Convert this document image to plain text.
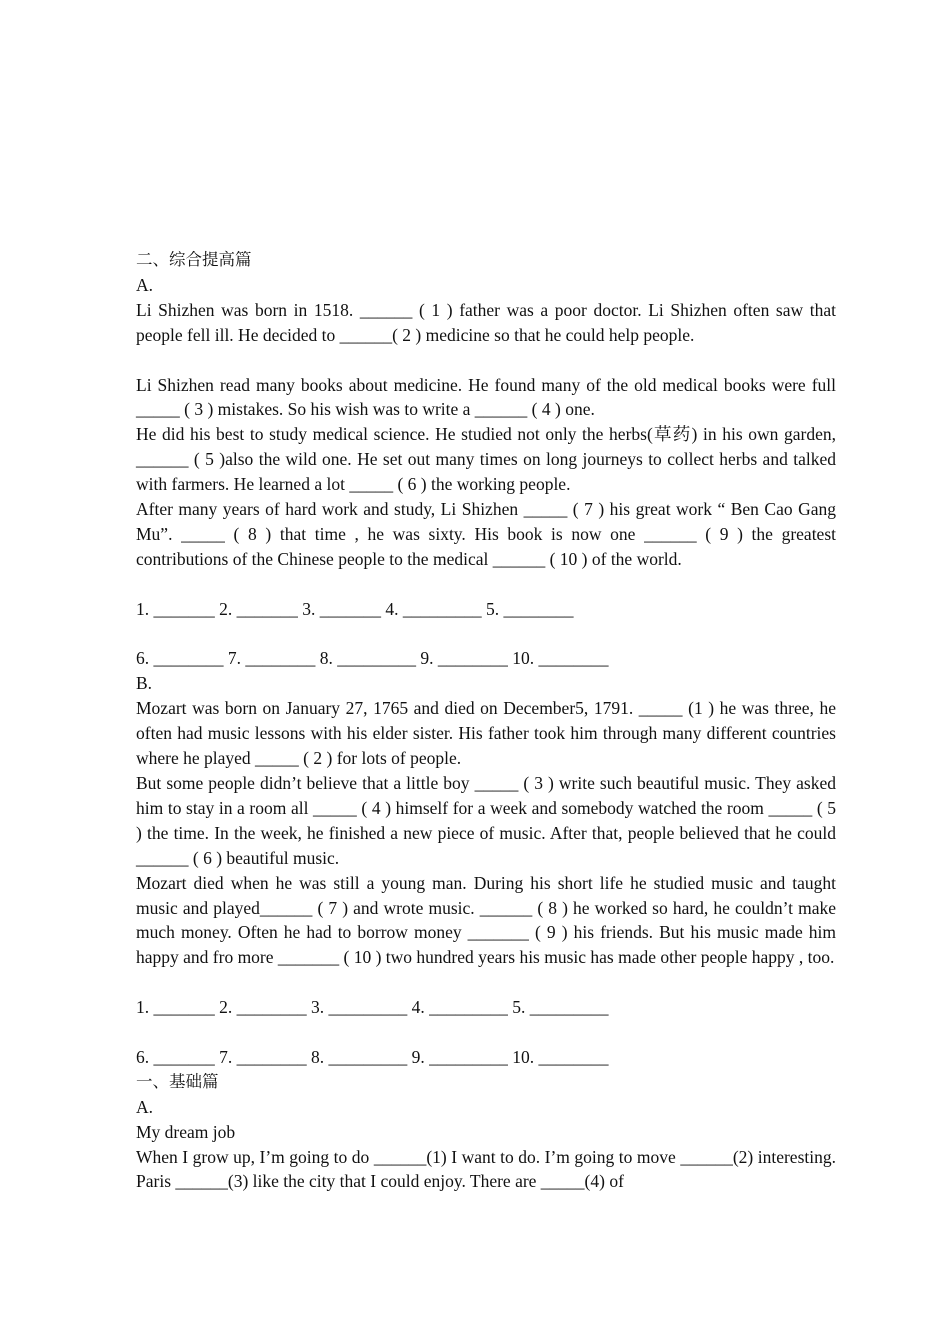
二、综合提高篇

A.

Li Shizhen was born in 1518. ______ ( 1 ) father was a poor doctor. Li Shizhen often saw that people fell ill. He decided to ______( 2 ) medicine so that he could help people.

Li Shizhen read many books about medicine. He found many of the old medical books were full _____ ( 3 ) mistakes. So his wish was to write a ______ ( 4 ) one.

He did his best to study medical science. He studied not only the herbs(草药) in his own garden, ______ ( 5 )also the wild one. He set out many times on long journeys to collect herbs and talked with farmers. He learned a lot _____ ( 6 ) the working people.

After many years of hard work and study, Li Shizhen _____ ( 7 ) his great work “ Ben Cao Gang Mu”. _____ ( 8 ) that time , he was sixty. His book is now one ______ ( 9 ) the greatest contributions of the Chinese people to the medical ______ ( 10 ) of the world.

1. _______ 2. _______ 3. _______ 4. _________ 5. ________

6. ________ 7. ________ 8. _________ 9. ________ 10. ________

B.

Mozart was born on January 27, 1765 and died on December5, 1791. _____ (1 ) he was three, he often had music lessons with his elder sister. His father took him through many different countries where he played _____ ( 2 ) for lots of people.

But some people didn’t believe that a little boy _____ ( 3 ) write such beautiful music. They asked him to stay in a room all _____ ( 4 ) himself for a week and somebody watched the room _____ ( 5 ) the time. In the week, he finished a new piece of music. After that, people believed that he could ______ ( 6 ) beautiful music.

Mozart died when he was still a young man. During his short life he studied music and taught music and played______ ( 7 ) and wrote music. ______ ( 8 ) he worked so hard, he couldn’t make much money. Often he had to borrow money _______ ( 9 ) his friends. But his music made him happy and fro more _______ ( 10 ) two hundred years his music has made other people happy , too.

1. _______ 2. ________ 3. _________ 4. _________ 5. _________

6. _______ 7. ________ 8. _________ 9. _________ 10. ________

一、基础篇

A.

My dream job

When I grow up, I’m going to do ______(1) I want to do. I’m going to move ______(2) interesting. Paris ______(3) like the city that I could enjoy. There are _____(4) of
